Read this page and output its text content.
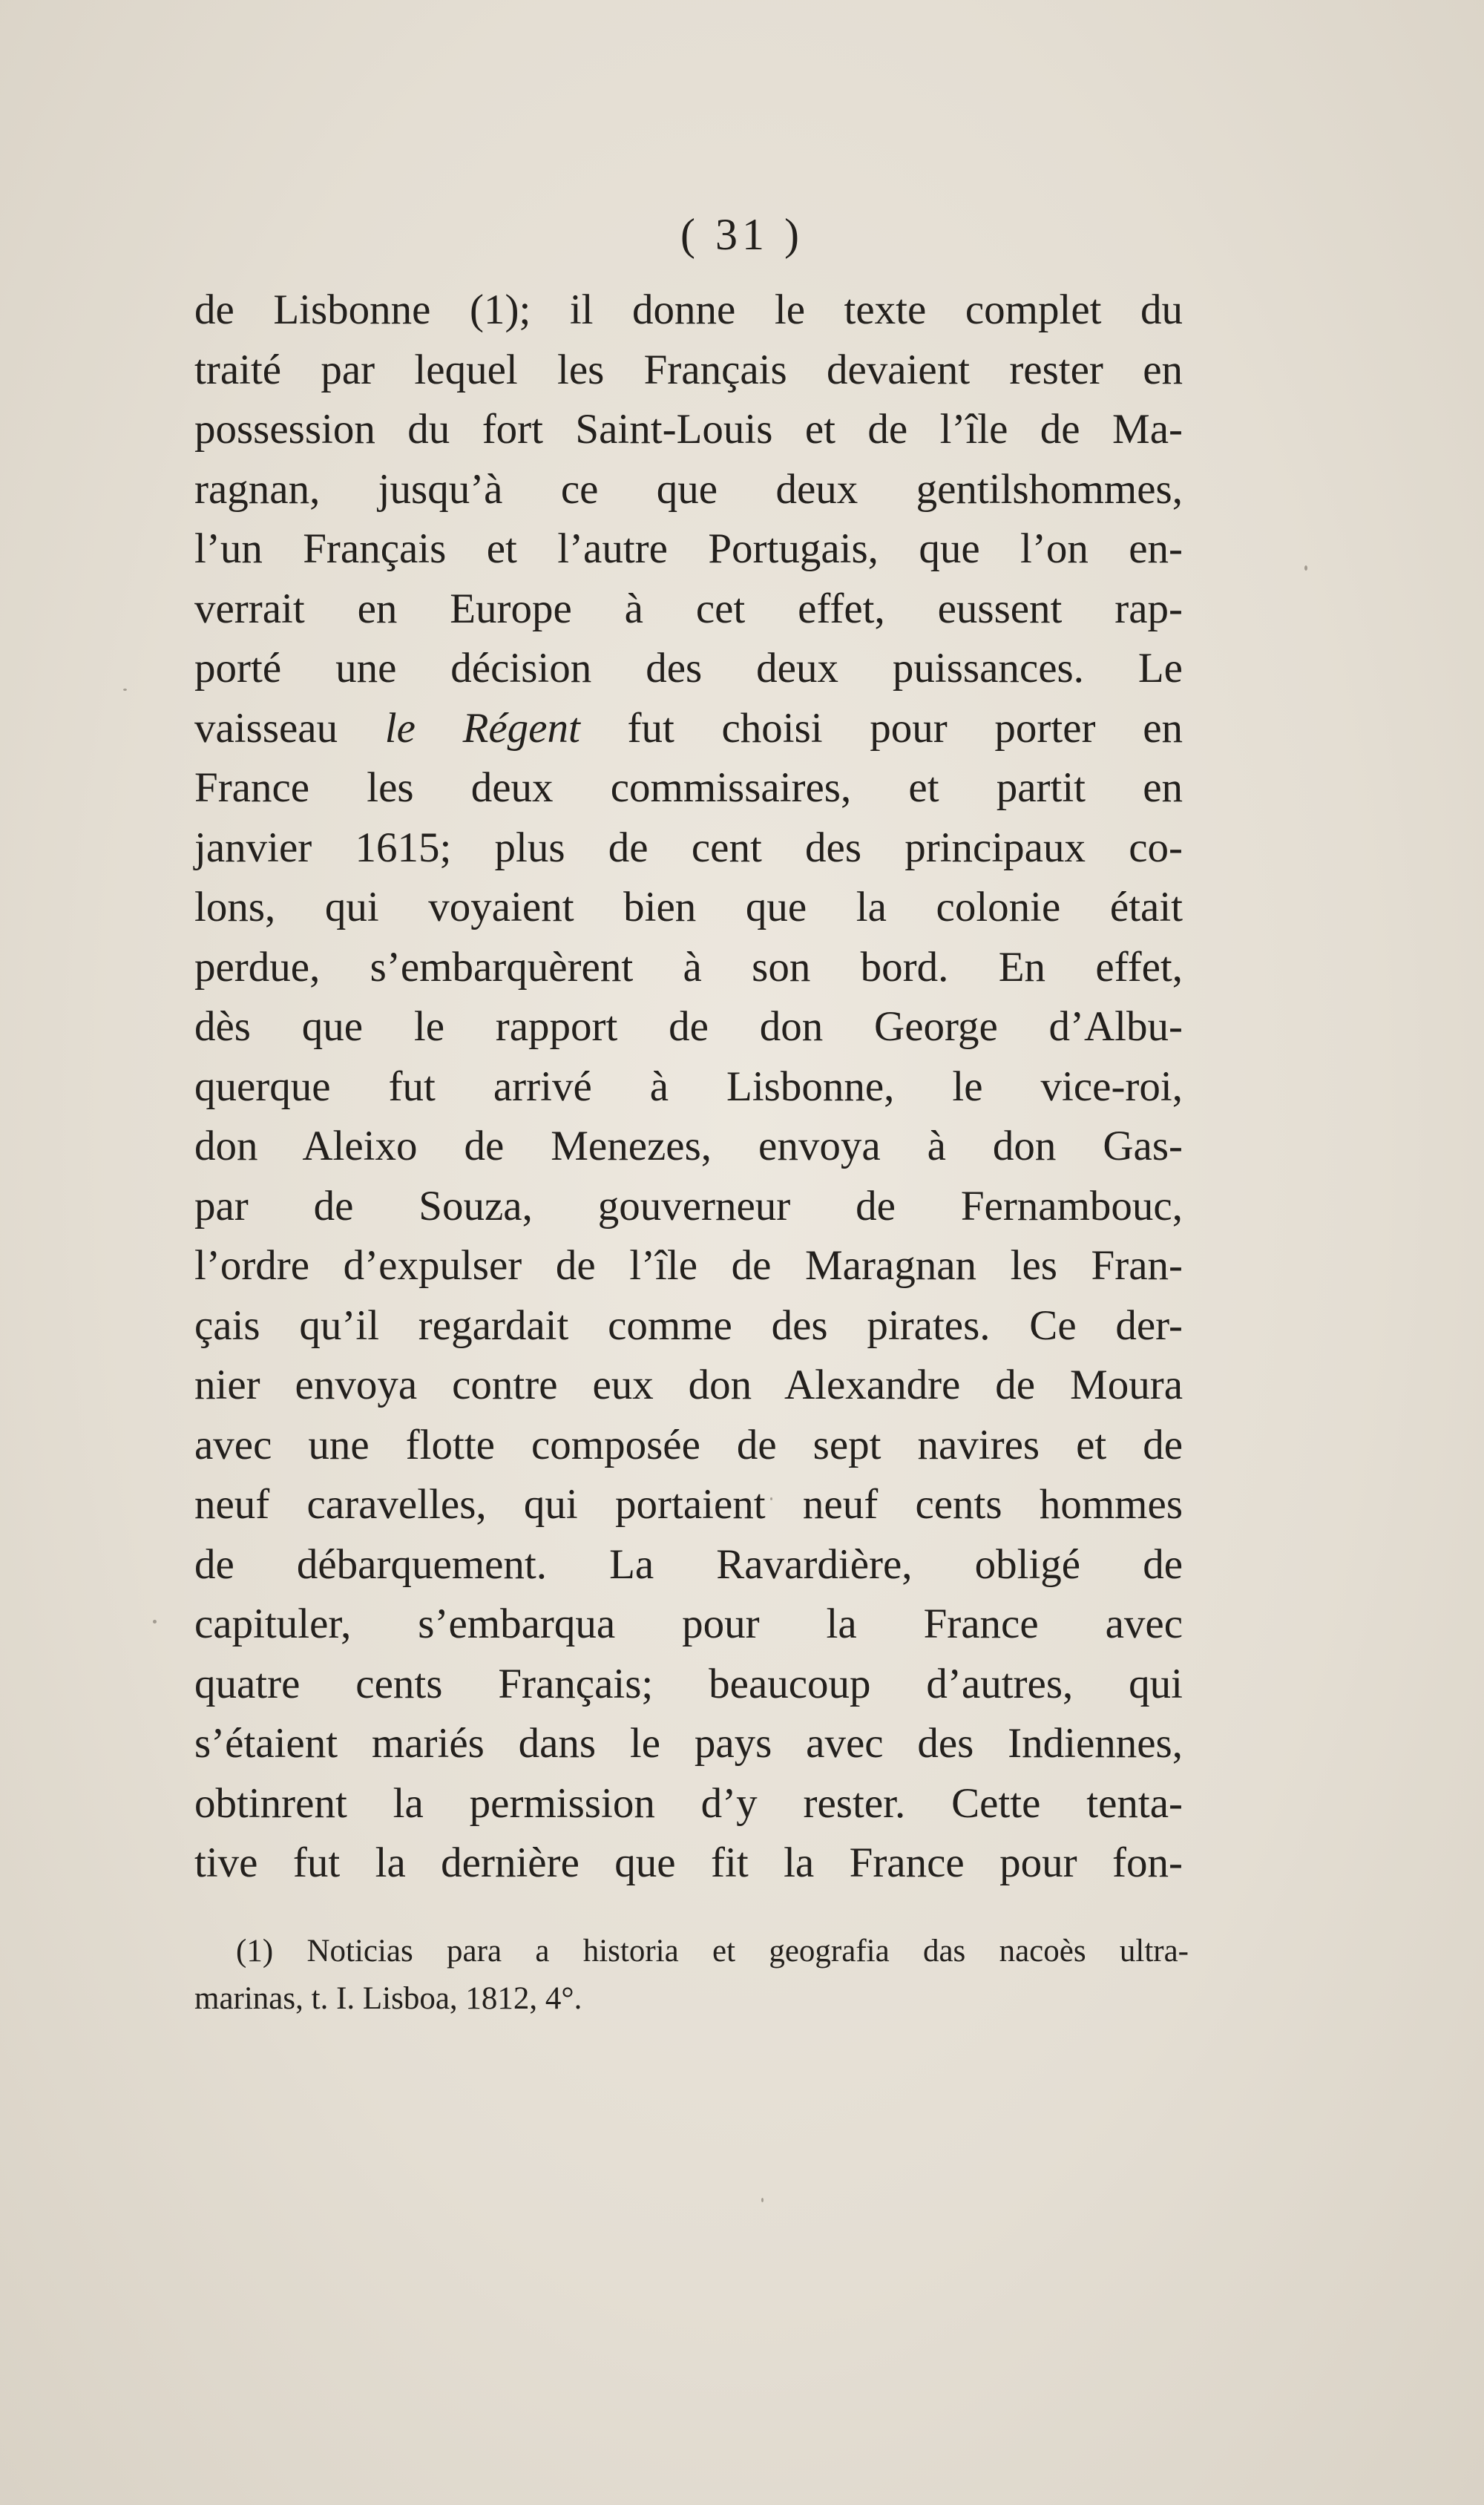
( 31 )
de Lisbonne (1); il donne le texte complet du
traité par lequel les Français devaient rester en
possession du fort Saint-Louis et de l’île de Ma-
ragnan, jusqu’à ce que deux gentilshommes,
l’un Français et l’autre Portugais, que l’on en-
verrait en Europe à cet effet, eussent rap-
porté une décision des deux puissances. Le
vaisseau le Régent fut choisi pour porter en
France les deux commissaires, et partit en
janvier 1615; plus de cent des principaux co-
lons, qui voyaient bien que la colonie était
perdue, s’embarquèrent à son bord. En effet,
dès que le rapport de don George d’Albu-
querque fut arrivé à Lisbonne, le vice-roi,
don Aleixo de Menezes, envoya à don Gas-
par de Souza, gouverneur de Fernambouc,
l’ordre d’expulser de l’île de Maragnan les Fran-
çais qu’il regardait comme des pirates. Ce der-
nier envoya contre eux don Alexandre de Moura
avec une flotte composée de sept navires et de
neuf caravelles, qui portaient neuf cents hommes
de débarquement. La Ravardière, obligé de
capituler, s’embarqua pour la France avec
quatre cents Français; beaucoup d’autres, qui
s’étaient mariés dans le pays avec des Indiennes,
obtinrent la permission d’y rester. Cette tenta-
tive fut la dernière que fit la France pour fon-
(1) Noticias para a historia et geografia das nacoès ultra-
marinas, t. I. Lisboa, 1812, 4°.
